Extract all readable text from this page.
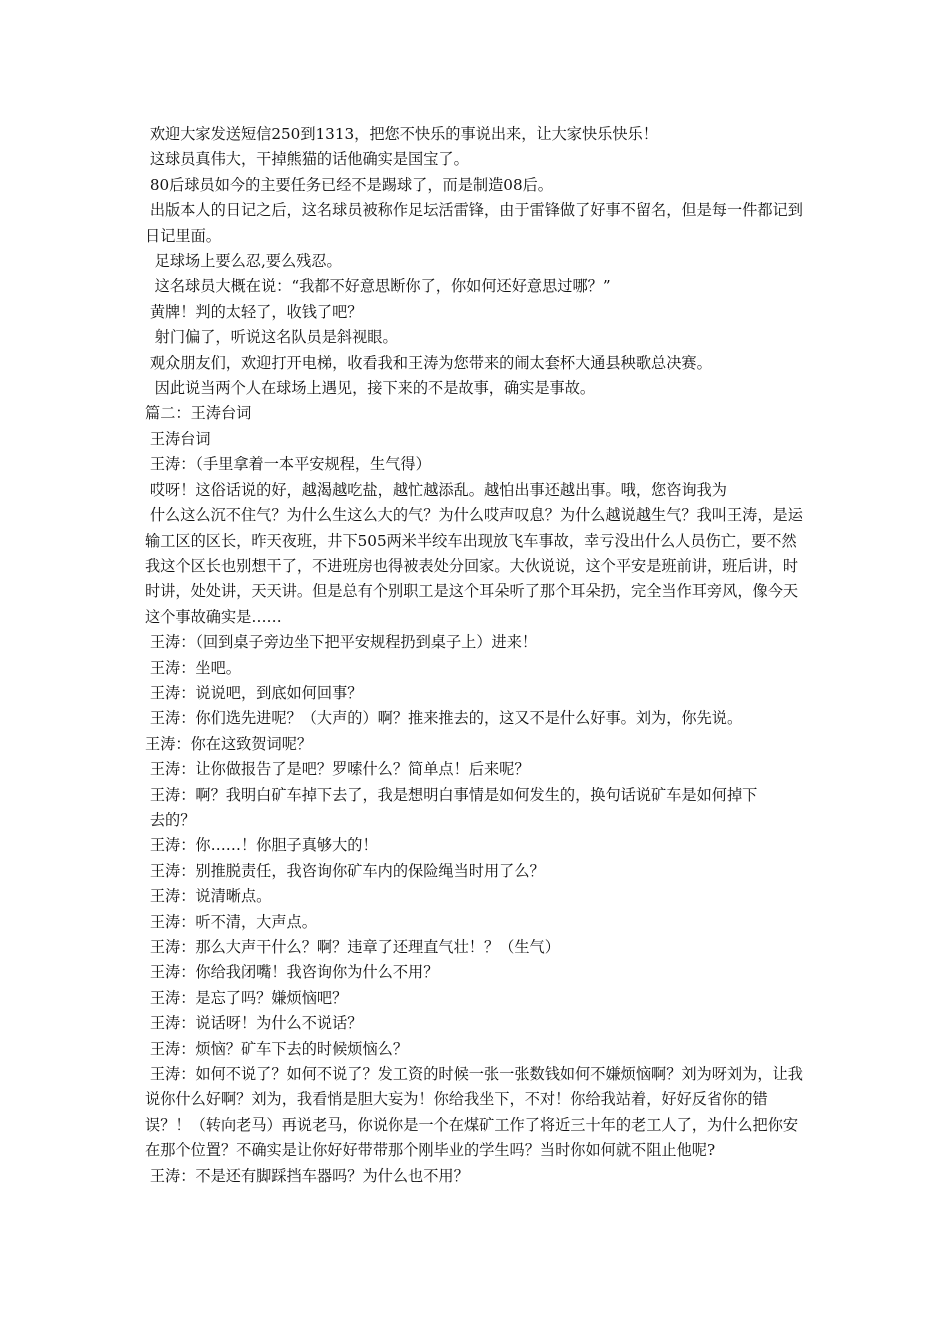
欢迎大家发送短信250到1313，把您不快乐的事说出来，让大家快乐快乐！

这球员真伟大，干掉熊猫的话他确实是国宝了。

80后球员如今的主要任务已经不是踢球了，而是制造08后。

出版本人的日记之后，这名球员被称作足坛活雷锋，由于雷锋做了好事不留名，但是每一件都记到日记里面。

足球场上要么忍,要么残忍。

这名球员大概在说：“我都不好意思断你了，你如何还好意思过哪？”

黄牌！判的太轻了，收钱了吧？

射门偏了，听说这名队员是斜视眼。

观众朋友们，欢迎打开电梯，收看我和王涛为您带来的闹太套杯大通县秧歌总决赛。

因此说当两个人在球场上遇见，接下来的不是故事，确实是事故。

篇二：王涛台词

王涛台词

王涛：（手里拿着一本平安规程，生气得）

哎呀！这俗话说的好，越渴越吃盐，越忙越添乱。越怕出事还越出事。哦，您咨询我为

什么这么沉不住气？为什么生这么大的气？为什么哎声叹息？为什么越说越生气？我叫王涛，是运输工区的区长，昨天夜班，井下505两米半绞车出现放飞车事故，幸亏没出什么人员伤亡，要不然我这个区长也别想干了，不进班房也得被表处分回家。大伙说说，这个平安是班前讲，班后讲，时时讲，处处讲，天天讲。但是总有个别职工是这个耳朵听了那个耳朵扔，完全当作耳旁风，像今天这个事故确实是……

王涛：（回到桌子旁边坐下把平安规程扔到桌子上）进来！

王涛：坐吧。

王涛：说说吧，到底如何回事？

王涛：你们选先进呢？（大声的）啊？推来推去的，这又不是什么好事。刘为，你先说。

王涛：你在这致贺词呢？

王涛：让你做报告了是吧？罗嗦什么？简单点！后来呢？

王涛：啊？我明白矿车掉下去了，我是想明白事情是如何发生的，换句话说矿车是如何掉下

去的？

王涛：你……！你胆子真够大的！

王涛：别推脱责任，我咨询你矿车内的保险绳当时用了么？

王涛：说清晰点。

王涛：听不清，大声点。

王涛：那么大声干什么？啊？违章了还理直气壮！？（生气）

王涛：你给我闭嘴！我咨询你为什么不用？

王涛：是忘了吗？嫌烦恼吧？

王涛：说话呀！为什么不说话？

王涛：烦恼？矿车下去的时候烦恼么？

王涛：如何不说了？如何不说了？发工资的时候一张一张数钱如何不嫌烦恼啊？刘为呀刘为，让我说你什么好啊？刘为，我看悄是胆大妄为！你给我坐下，不对！你给我站着，好好反省你的错误？！（转向老马）再说老马，你说你是一个在煤矿工作了将近三十年的老工人了，为什么把你安在那个位置？不确实是让你好好带带那个刚毕业的学生吗？当时你如何就不阻止他呢?

王涛：不是还有脚踩挡车器吗？为什么也不用？
